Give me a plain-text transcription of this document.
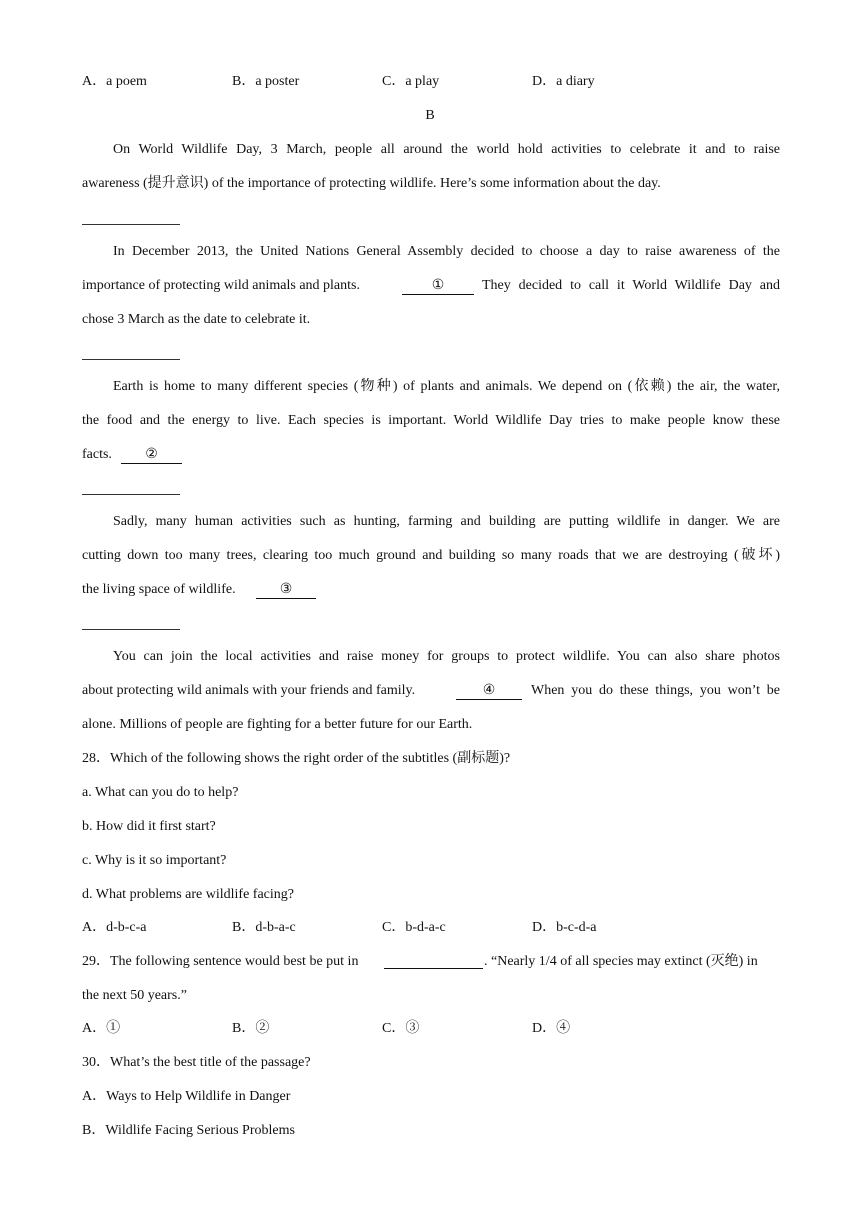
A．a poem	B．a poster	C．a play	D．a diary
B
On World Wildlife Day, 3 March, people all around the world hold activities to celebrate it and to raise
awareness (提升意识) of the importance of protecting wildlife. Here’s some information about the day.
In December 2013, the United Nations General Assembly decided to choose a day to raise awareness of the
importance of protecting wild animals and plants.	①	They decided to call it World Wildlife Day and
chose 3 March as the date to celebrate it.
Earth is home to many different species (物种) of plants and animals. We depend on (依赖) the air, the water,
the food and the energy to live. Each species is important. World Wildlife Day tries to make people know these
facts.	②
Sadly, many human activities such as hunting, farming and building are putting wildlife in danger. We are
cutting down too many trees, clearing too much ground and building so many roads that we are destroying (破坏)
the living space of wildlife.	③
You can join the local activities and raise money for groups to protect wildlife. You can also share photos
about protecting wild animals with your friends and family.	④	When you do these things, you won’t be
alone. Millions of people are fighting for a better future for our Earth.
28．Which of the following shows the right order of the subtitles (副标题)?
a. What can you do to help?
b. How did it first start?
c. Why is it so important?
d. What problems are wildlife facing?
A．d-b-c-a	B．d-b-a-c	C．b-d-a-c	D．b-c-d-a
29．The following sentence would best be put in	. “Nearly 1/4 of all species may extinct (灭绝) in
the next 50 years.”
A．①	B．②	C．③	D．④
30．What’s the best title of the passage?
A．Ways to Help Wildlife in Danger
B．Wildlife Facing Serious Problems
